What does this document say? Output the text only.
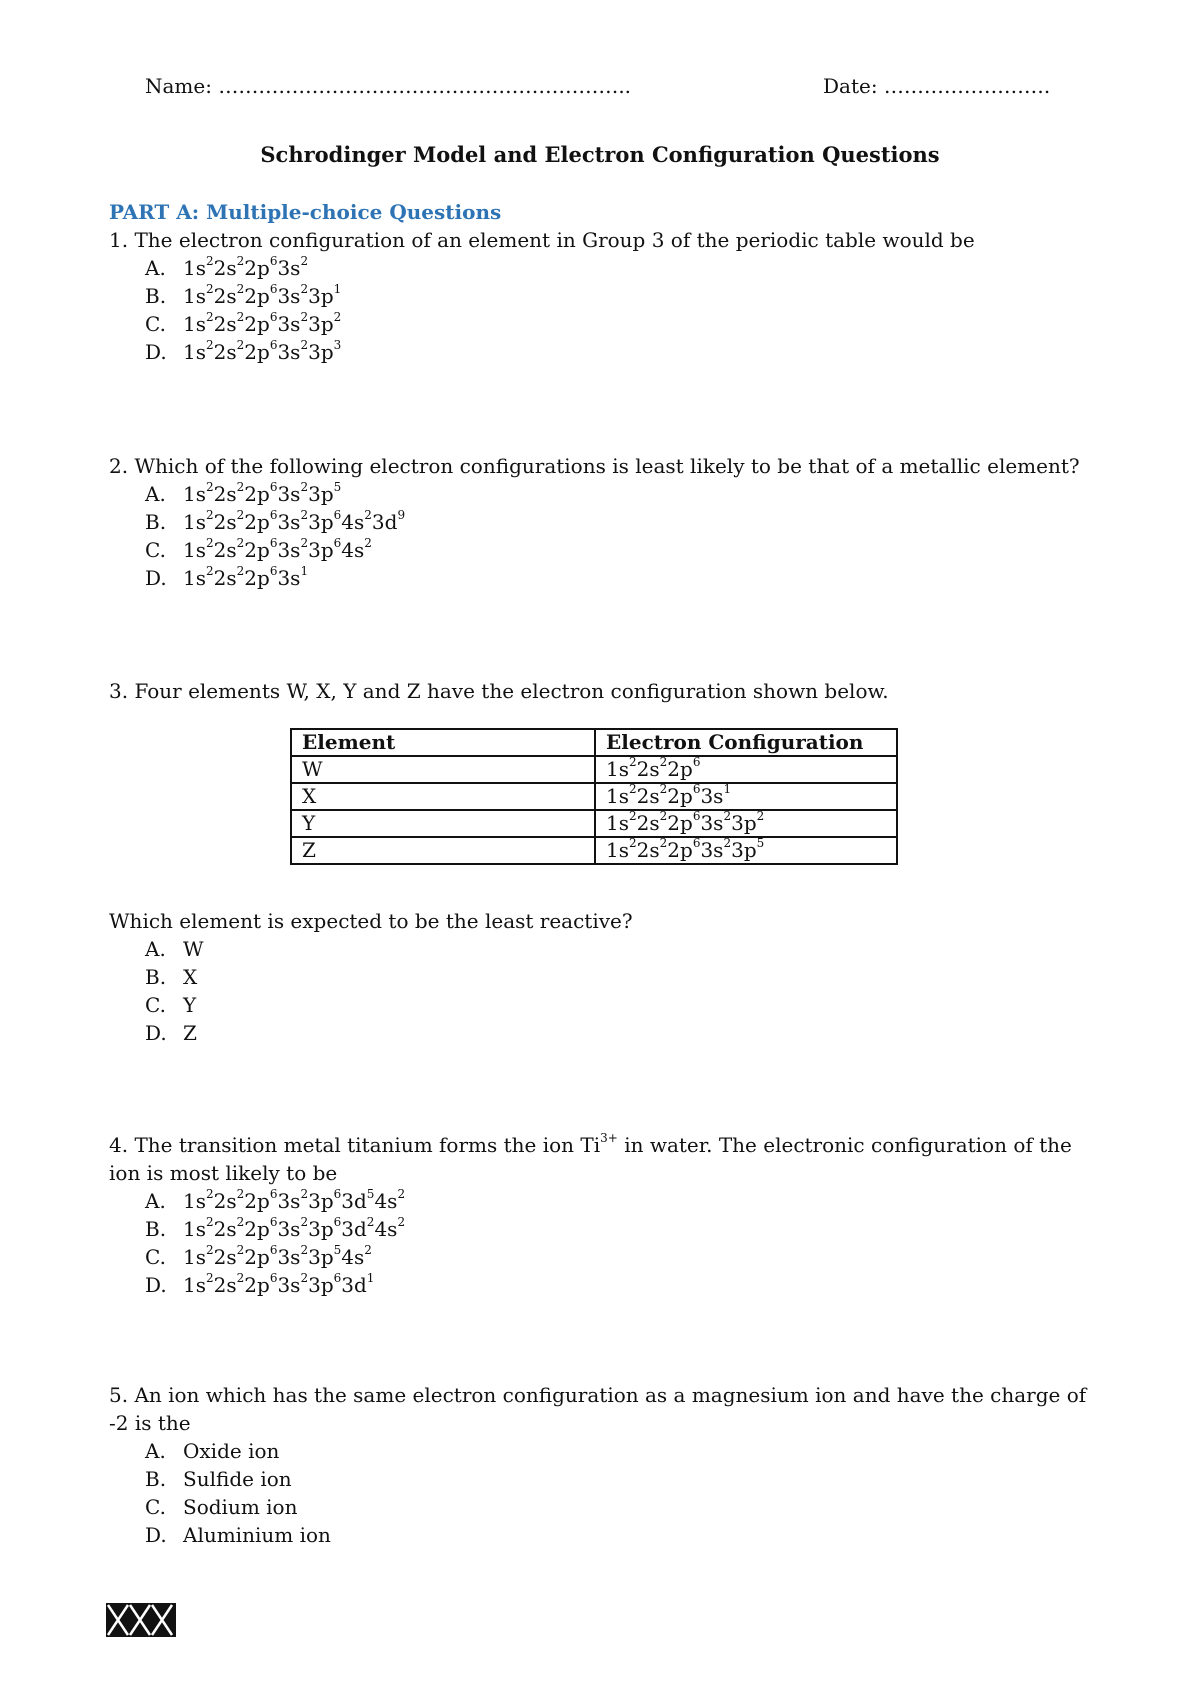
Name: ……………………………………………………..	Date: …………………….
Schrodinger Model and Electron Configuration Questions
PART A: Multiple-choice Questions
1. The electron configuration of an element in Group 3 of the periodic table would be
A. $1s^22s^22p^63s^2$
B. $1s^22s^22p^63s^23p^1$
C. $1s^22s^22p^63s^23p^2$
D. $1s^22s^22p^63s^23p^3$
2. Which of the following electron configurations is least likely to be that of a metallic element?
A. $1s^22s^22p^63s^23p^5$
B. $1s^22s^22p^63s^23p^64s^23d^9$
C. $1s^22s^22p^63s^23p^64s^2$
D. $1s^22s^22p^63s^1$
3. Four elements W, X, Y and Z have the electron configuration shown below.
Element	Electron Configuration
W	$1s^22s^22p^6$
X	$1s^22s^22p^63s^1$
Y	$1s^22s^22p^63s^23p^2$
Z	$1s^22s^22p^63s^23p^5$
Which element is expected to be the least reactive?
A. W
B. X
C. Y
D. Z
4. The transition metal titanium forms the ion $Ti^{3+}$ in water. The electronic configuration of the ion is most likely to be
A. $1s^22s^22p^63s^23p^63d^54s^2$
B. $1s^22s^22p^63s^23p^63d^24s^2$
C. $1s^22s^22p^63s^23p^54s^2$
D. $1s^22s^22p^63s^23p^63d^1$
5. An ion which has the same electron configuration as a magnesium ion and have the charge of -2 is the
A. Oxide ion
B. Sulfide ion
C. Sodium ion
D. Aluminium ion
